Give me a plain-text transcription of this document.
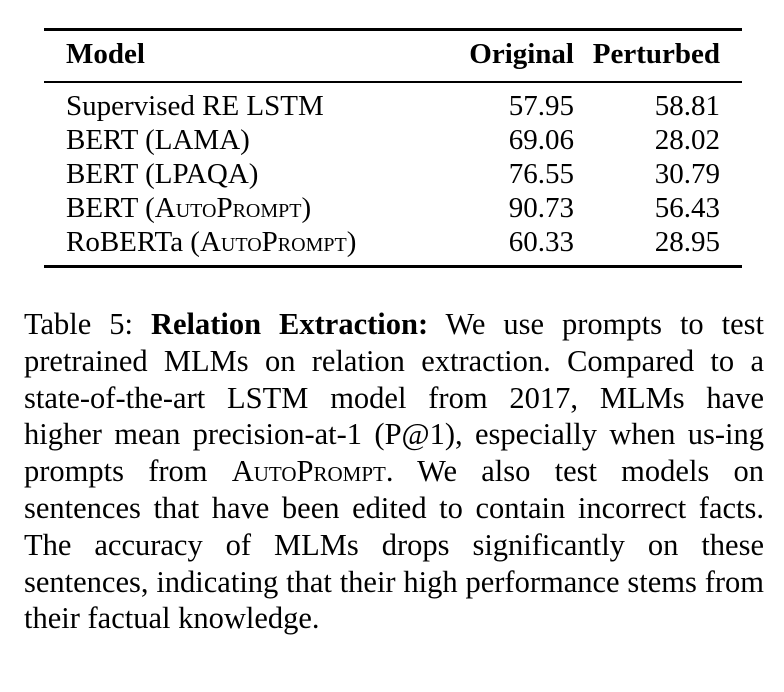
Model	Original	Perturbed
Supervised RE LSTM	57.95	58.81
BERT (LAMA)	69.06	28.02
BERT (LPAQA)	76.55	30.79
BERT (AutoPrompt)	90.73	56.43
RoBERTa (AutoPrompt)	60.33	28.95

Table 5: Relation Extraction: We use prompts to test pretrained MLMs on relation extraction. Compared to a state-of-the-art LSTM model from 2017, MLMs have higher mean precision-at-1 (P@1), especially when us-ing prompts from AutoPrompt. We also test models on sentences that have been edited to contain incorrect facts. The accuracy of MLMs drops significantly on these sentences, indicating that their high performance stems from their factual knowledge.
